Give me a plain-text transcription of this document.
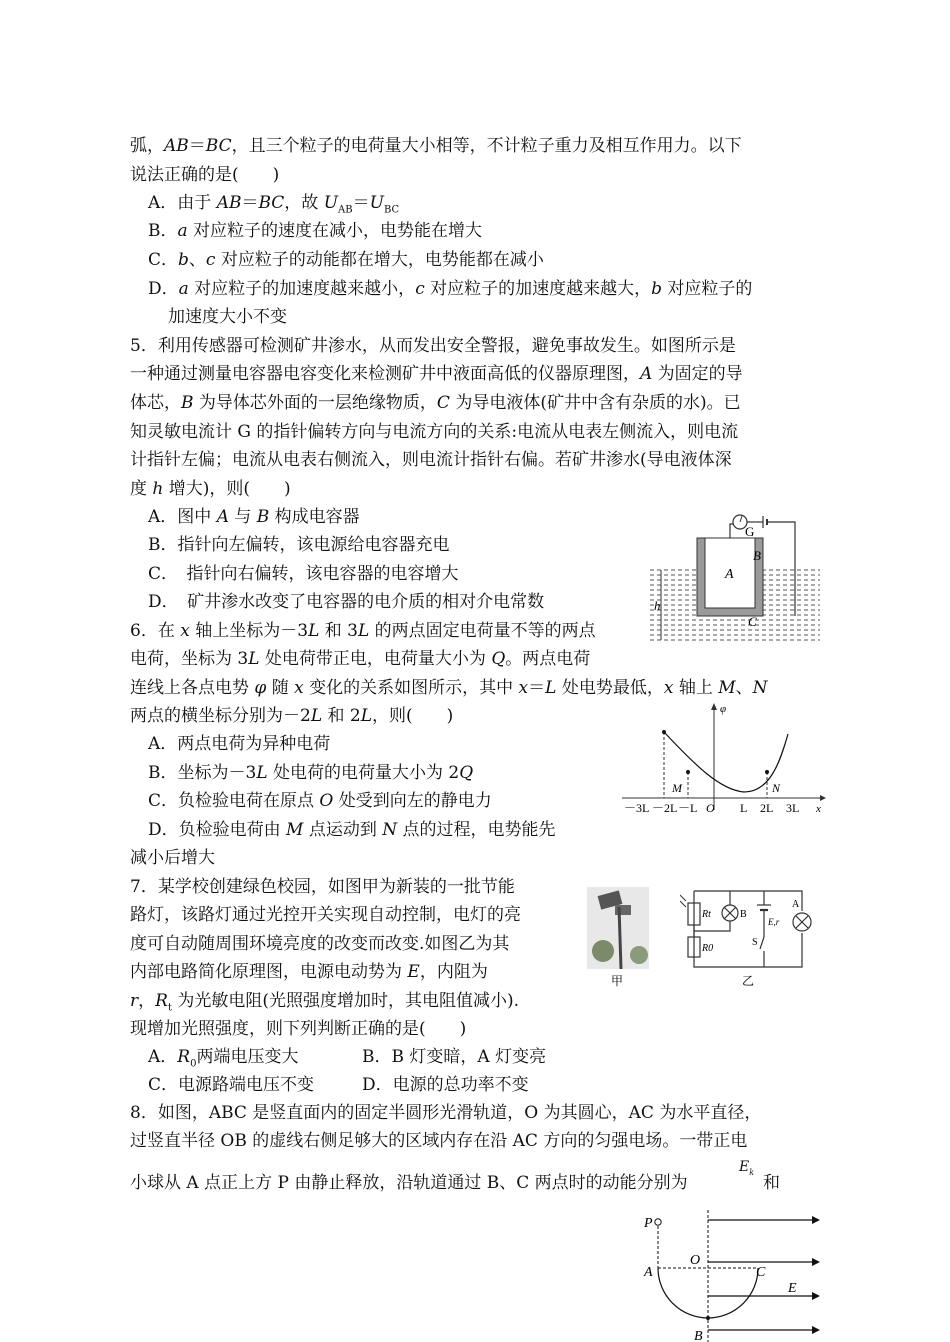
弧，AB＝BC，且三个粒子的电荷量大小相等，不计粒子重力及相互作用力。以下
说法正确的是(　　)
A．由于 AB＝BC，故 $U_{AB}=U_{BC}$
B．a 对应粒子的速度在减小，电势能在增大
C．b、c 对应粒子的动能都在增大，电势能都在减小
D．a 对应粒子的加速度越来越小，c 对应粒子的加速度越来越大，b 对应粒子的
加速度大小不变
5．利用传感器可检测矿井渗水，从而发出安全警报，避免事故发生。如图所示是
一种通过测量电容器电容变化来检测矿井中液面高低的仪器原理图，A 为固定的导
体芯，B 为导体芯外面的一层绝缘物质，C 为导电液体(矿井中含有杂质的水)。已
知灵敏电流计 G 的指针偏转方向与电流方向的关系:电流从电表左侧流入，则电流
计指针左偏；电流从电表右侧流入，则电流计指针右偏。若矿井渗水(导电液体深
度 h 增大)，则(　　)
A．图中 A 与 B 构成电容器
B．指针向左偏转，该电源给电容器充电
C．　指针向右偏转，该电容器的电容增大
D．　矿井渗水改变了电容器的电介质的相对介电常数	h
G
B
A
C
6．在 x 轴上坐标为－3L 和 3L 的两点固定电荷量不等的两点
电荷，坐标为 3L 处电荷带正电，电荷量大小为 Q。两点电荷
连线上各点电势 φ 随 x 变化的关系如图所示，其中 x＝L 处电势最低，x 轴上 M、N
两点的横坐标分别为－2L 和 2L，则(　　)
A．两点电荷为异种电荷
B．坐标为－3L 处电荷的电荷量大小为 2Q
C．负检验电荷在原点 O 处受到向左的静电力
D．负检验电荷由 M 点运动到 N 点的过程，电势能先
减小后增大
φ
x
M	N
－3L －2L －L O L 2L 3L
7．某学校创建绿色校园，如图甲为新装的一批节能
路灯，该路灯通过光控开关实现自动控制，电灯的亮
度可自动随周围环境亮度的改变而改变.如图乙为其
内部电路简化原理图，电源电动势为 E，内阻为
r，$R_t$ 为光敏电阻(光照强度增加时，其电阻值减小).
现增加光照强度，则下列判断正确的是(　　)
A．$R_0$两端电压变大	B．B 灯变暗，A 灯变亮
C．电源路端电压不变	D．电源的总功率不变
甲
Rt
R0
B
E,r
S
A
乙
8．如图，ABC 是竖直面内的固定半圆形光滑轨道，O 为其圆心，AC 为水平直径，
过竖直半径 OB 的虚线右侧足够大的区域内存在沿 AC 方向的匀强电场。一带正电
小球从 A 点正上方 P 由静止释放，沿轨道通过 B、C 两点时的动能分别为
$E_k$
和
P
O
A	C
E
B
